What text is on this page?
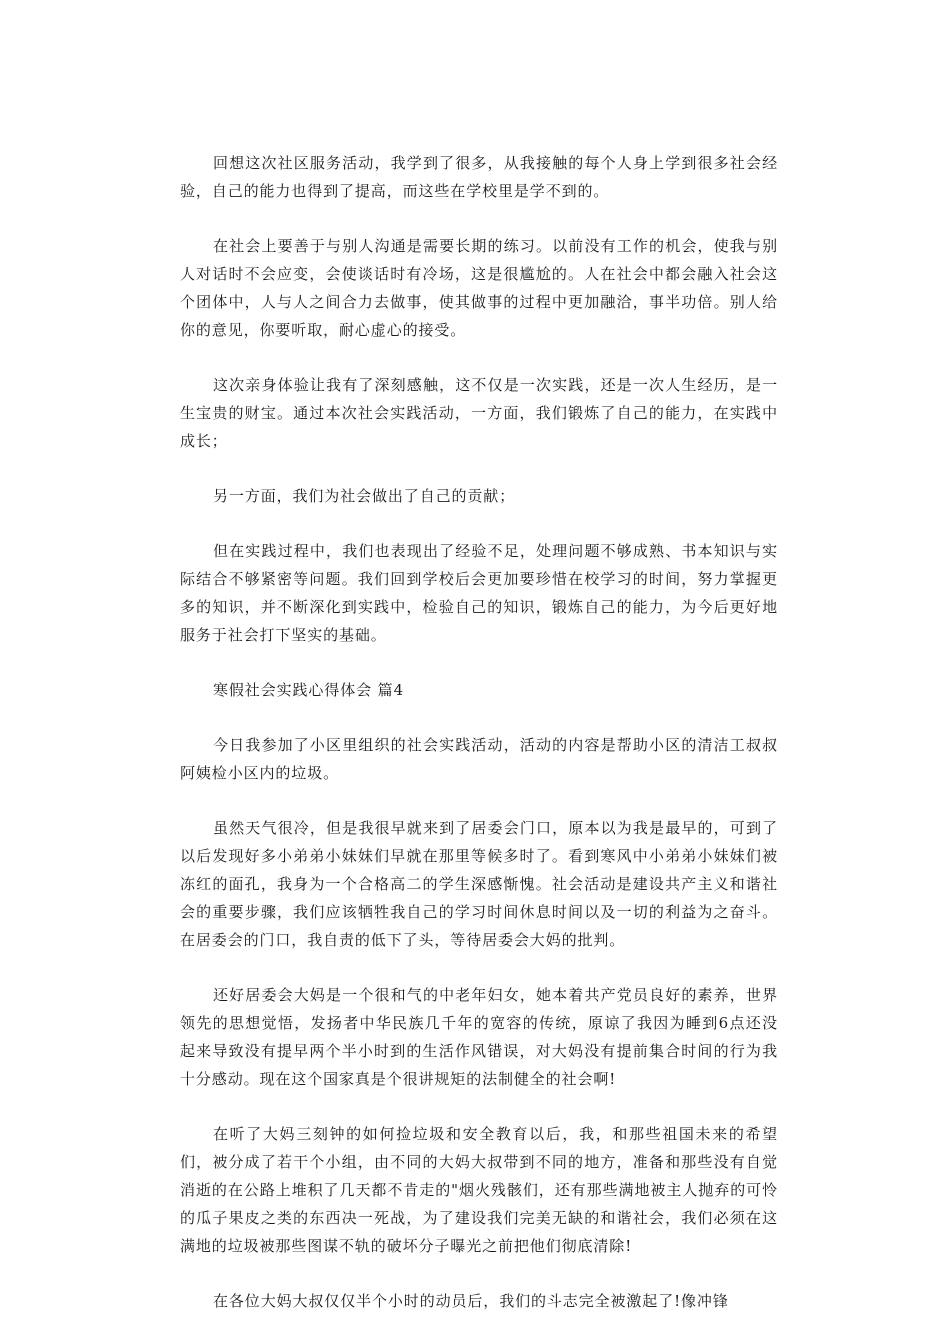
回想这次社区服务活动，我学到了很多，从我接触的每个人身上学到很多社会经验，自己的能力也得到了提高，而这些在学校里是学不到的。

在社会上要善于与别人沟通是需要长期的练习。以前没有工作的机会，使我与别人对话时不会应变，会使谈话时有冷场，这是很尴尬的。人在社会中都会融入社会这个团体中，人与人之间合力去做事，使其做事的过程中更加融洽，事半功倍。别人给你的意见，你要听取，耐心虚心的接受。

这次亲身体验让我有了深刻感触，这不仅是一次实践，还是一次人生经历，是一生宝贵的财宝。通过本次社会实践活动，一方面，我们锻炼了自己的能力，在实践中成长；

另一方面，我们为社会做出了自己的贡献；

但在实践过程中，我们也表现出了经验不足，处理问题不够成熟、书本知识与实际结合不够紧密等问题。我们回到学校后会更加要珍惜在校学习的时间，努力掌握更多的知识，并不断深化到实践中，检验自己的知识，锻炼自己的能力，为今后更好地服务于社会打下坚实的基础。

寒假社会实践心得体会 篇4

今日我参加了小区里组织的社会实践活动，活动的内容是帮助小区的清洁工叔叔阿姨检小区内的垃圾。

虽然天气很冷，但是我很早就来到了居委会门口，原本以为我是最早的，可到了以后发现好多小弟弟小妹妹们早就在那里等候多时了。看到寒风中小弟弟小妹妹们被冻红的面孔，我身为一个合格高二的学生深感惭愧。社会活动是建设共产主义和谐社会的重要步骤，我们应该牺牲我自己的学习时间休息时间以及一切的利益为之奋斗。在居委会的门口，我自责的低下了头，等待居委会大妈的批判。

还好居委会大妈是一个很和气的中老年妇女，她本着共产党员良好的素养，世界领先的思想觉悟，发扬者中华民族几千年的宽容的传统，原谅了我因为睡到6点还没起来导致没有提早两个半小时到的生活作风错误，对大妈没有提前集合时间的行为我十分感动。现在这个国家真是个很讲规矩的法制健全的社会啊!

在听了大妈三刻钟的如何捡垃圾和安全教育以后，我，和那些祖国未来的希望们，被分成了若干个小组，由不同的大妈大叔带到不同的地方，准备和那些没有自觉消逝的在公路上堆积了几天都不肯走的"烟火残骸们，还有那些满地被主人抛弃的可怜的瓜子果皮之类的东西决一死战，为了建设我们完美无缺的和谐社会，我们必须在这满地的垃圾被那些图谋不轨的破坏分子曝光之前把他们彻底清除!

在各位大妈大叔仅仅半个小时的动员后，我们的斗志完全被激起了!像冲锋
